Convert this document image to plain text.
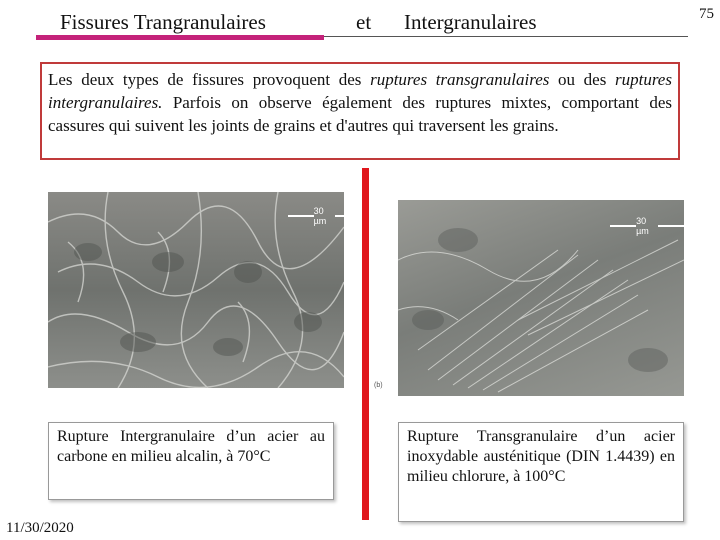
Fissures Trangranulaires	et Intergranulaires	75
Les deux types de fissures provoquent des ruptures transgranulaires ou des ruptures intergranulaires. Parfois on observe également des ruptures mixtes, comportant des cassures qui suivent les joints de grains et d'autres qui traversent les grains.
30 µm	30 µm
(b)
Rupture Intergranulaire d’un acier au carbone en milieu alcalin, à 70°C
Rupture Transgranulaire d’un acier inoxydable austénitique (DIN 1.4439) en milieu chlorure, à 100°C
11/30/2020
